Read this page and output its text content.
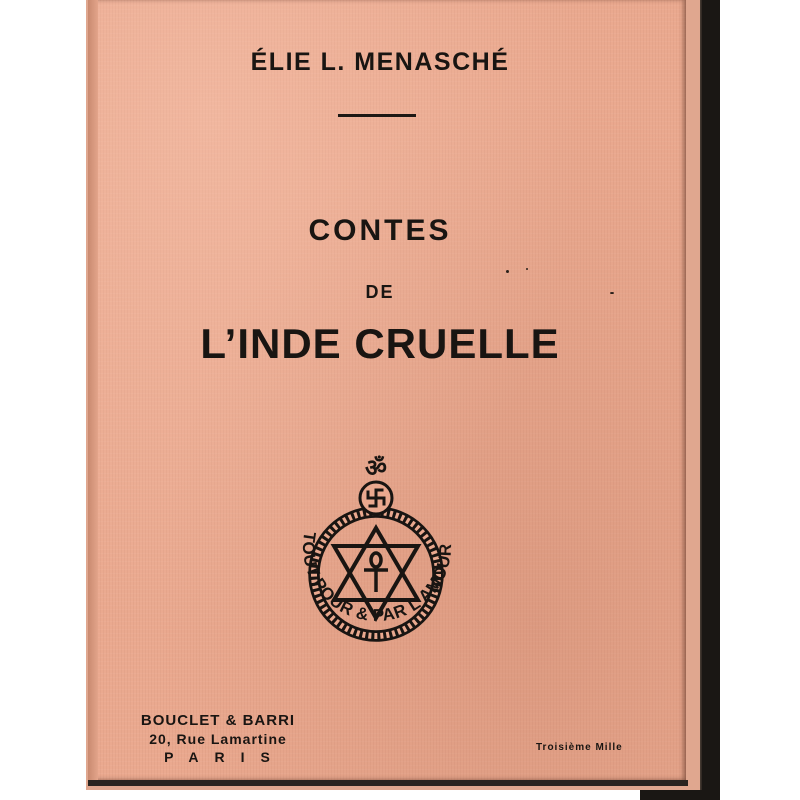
ÉLIE L. MENASCHÉ
CONTES
DE
L’INDE CRUELLE
ॐ
TOUT POUR & PAR L’AMOUR
BOUCLET & BARRI
20, Rue Lamartine
PARIS
Troisième Mille
